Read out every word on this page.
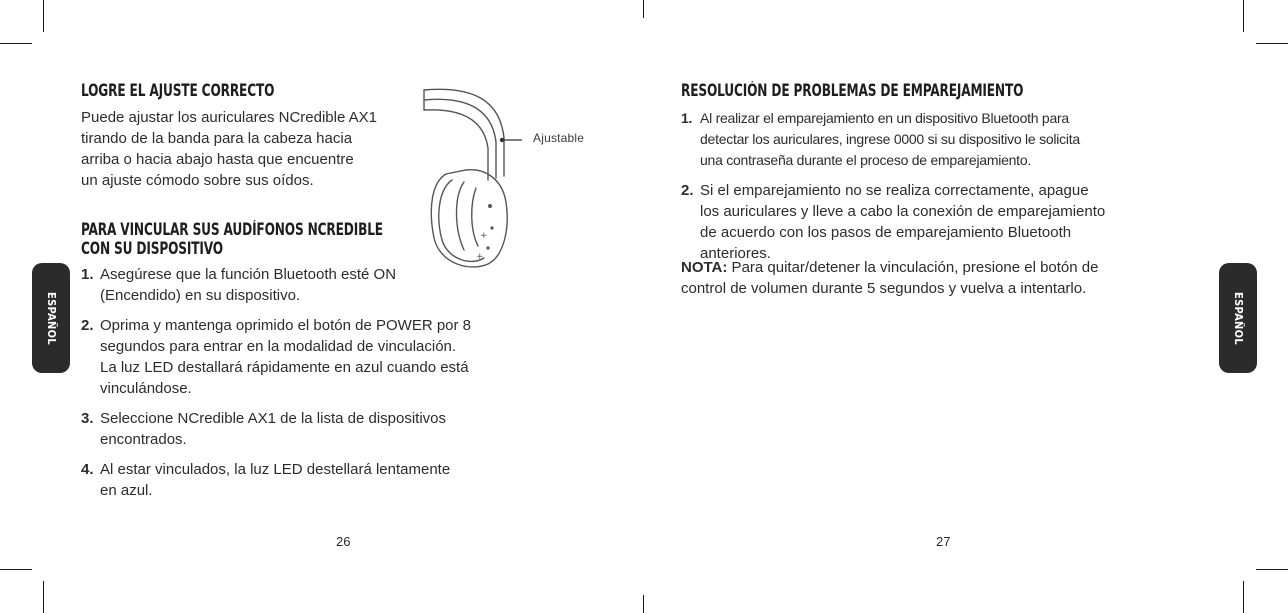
ESPAÑOL	ESPAÑOL
LOGRE EL AJUSTE CORRECTO
Puede ajustar los auriculares NCredible AX1
tirando de la banda para la cabeza hacia
arriba o hacia abajo hasta que encuentre
un ajuste cómodo sobre sus oídos.
+
+
Ajustable
PARA VINCULAR SUS AUDÍFONOS NCREDIBLE
CON SU DISPOSITIVO
1. Asegúrese que la función Bluetooth esté ON
(Encendido) en su dispositivo.
2. Oprima y mantenga oprimido el botón de POWER por 8
segundos para entrar en la modalidad de vinculación.
La luz LED destallará rápidamente en azul cuando está
vinculándose.
3. Seleccione NCredible AX1 de la lista de dispositivos
encontrados.
4. Al estar vinculados, la luz LED destellará lentamente
en azul.
26
RESOLUCIÓN DE PROBLEMAS DE EMPAREJAMIENTO
1. Al realizar el emparejamiento en un dispositivo Bluetooth para
detectar los auriculares, ingrese 0000 si su dispositivo le solicita
una contraseña durante el proceso de emparejamiento.
2. Si el emparejamiento no se realiza correctamente, apague
los auriculares y lleve a cabo la conexión de emparejamiento
de acuerdo con los pasos de emparejamiento Bluetooth
anteriores.
NOTA: Para quitar/detener la vinculación, presione el botón de
control de volumen durante 5 segundos y vuelva a intentarlo.
27
